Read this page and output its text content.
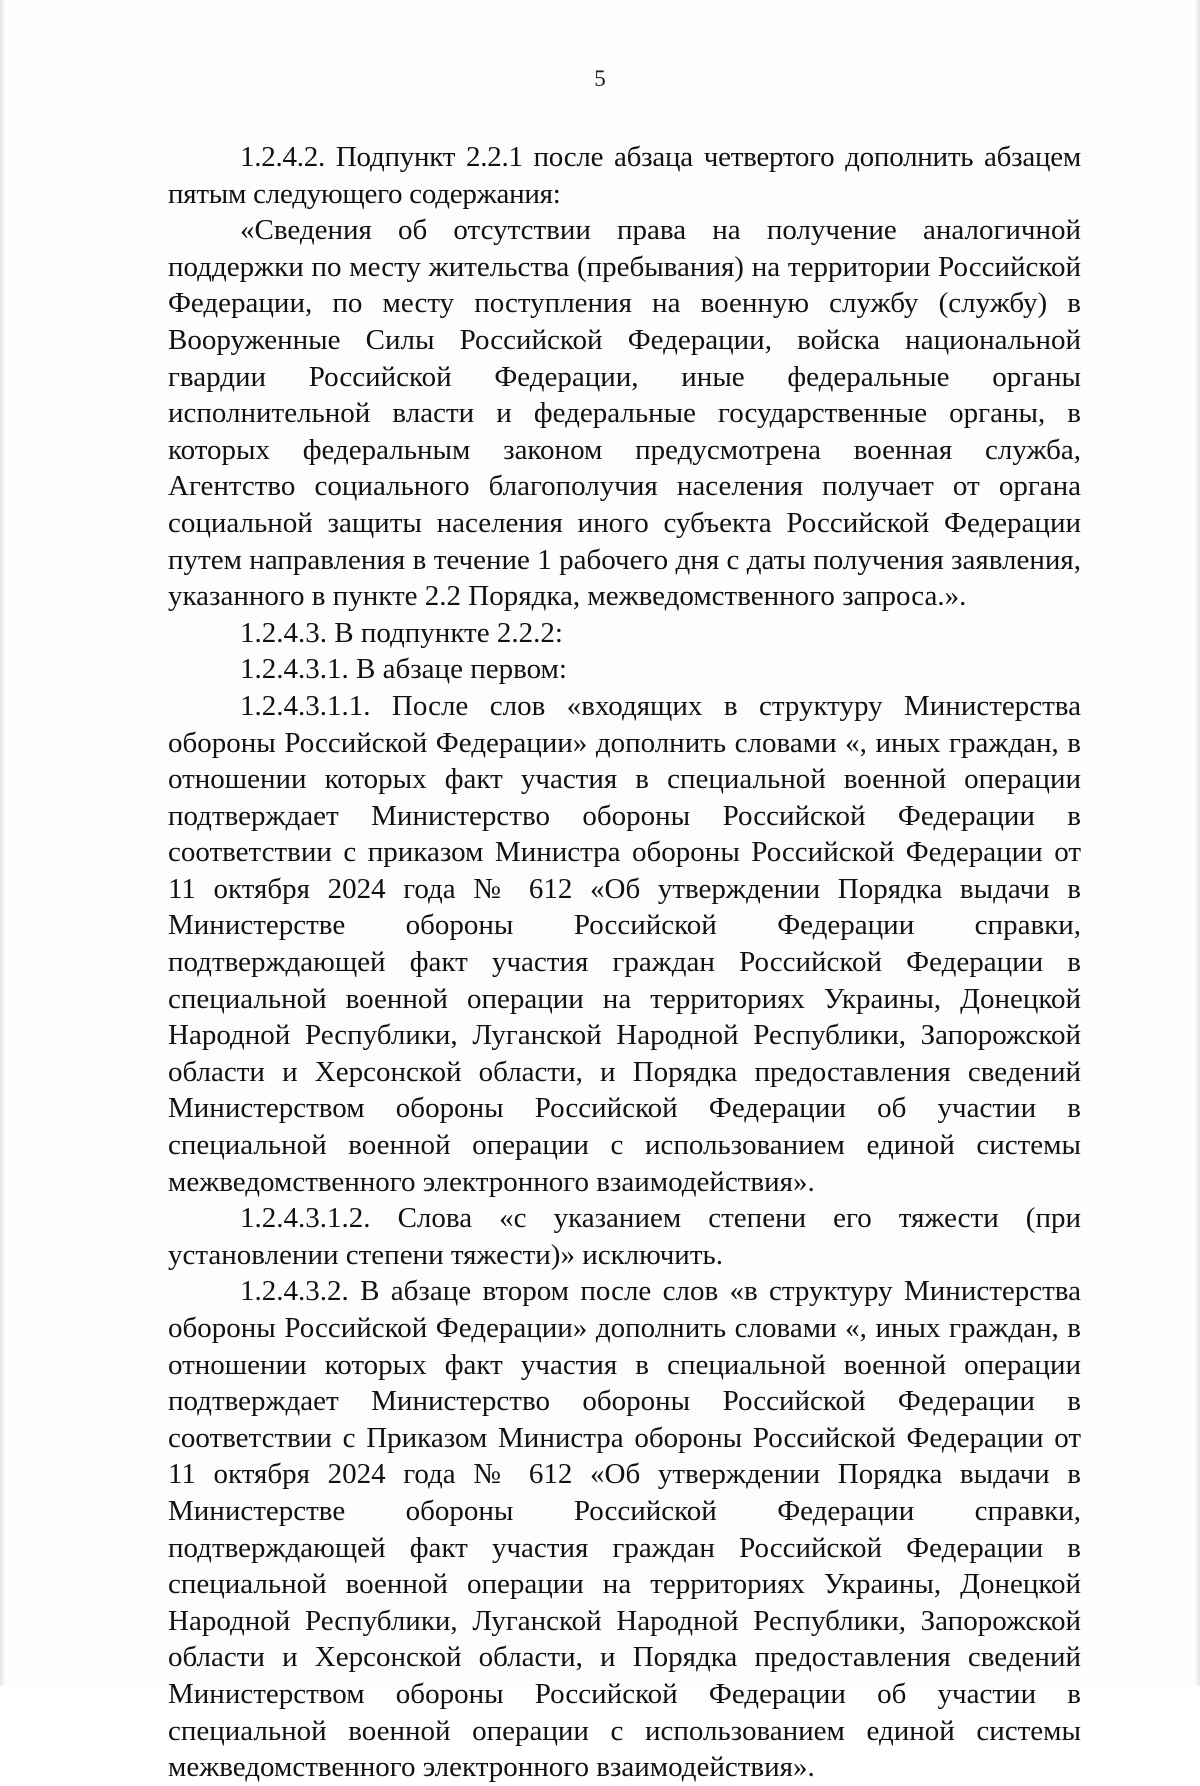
5

1.2.4.2. Подпункт 2.2.1 после абзаца четвертого дополнить абзацем пятым следующего содержания:

«Сведения об отсутствии права на получение аналогичной поддержки по месту жительства (пребывания) на территории Российской Федерации, по месту поступления на военную службу (службу) в Вооруженные Силы Российской Федерации, войска национальной гвардии Российской Федерации, иные федеральные органы исполнительной власти и федеральные государственные органы, в которых федеральным законом предусмотрена военная служба, Агентство социального благополучия населения получает от органа социальной защиты населения иного субъекта Российской Федерации путем направления в течение 1 рабочего дня с даты получения заявления, указанного в пункте 2.2 Порядка, межведомственного запроса.».

1.2.4.3. В подпункте 2.2.2:

1.2.4.3.1. В абзаце первом:

1.2.4.3.1.1. После слов «входящих в структуру Министерства обороны Российской Федерации» дополнить словами «, иных граждан, в отношении которых факт участия в специальной военной операции подтверждает Министерство обороны Российской Федерации в соответствии с приказом Министра обороны Российской Федерации от 11 октября 2024 года № 612 «Об утверждении Порядка выдачи в Министерстве обороны Российской Федерации справки, подтверждающей факт участия граждан Российской Федерации в специальной военной операции на территориях Украины, Донецкой Народной Республики, Луганской Народной Республики, Запорожской области и Херсонской области, и Порядка предоставления сведений Министерством обороны Российской Федерации об участии в специальной военной операции с использованием единой системы межведомственного электронного взаимодействия».

1.2.4.3.1.2. Слова «с указанием степени его тяжести (при установлении степени тяжести)» исключить.

1.2.4.3.2. В абзаце втором после слов «в структуру Министерства обороны Российской Федерации» дополнить словами «, иных граждан, в отношении которых факт участия в специальной военной операции подтверждает Министерство обороны Российской Федерации в соответствии с Приказом Министра обороны Российской Федерации от 11 октября 2024 года № 612 «Об утверждении Порядка выдачи в Министерстве обороны Российской Федерации справки, подтверждающей факт участия граждан Российской Федерации в специальной военной операции на территориях Украины, Донецкой Народной Республики, Луганской Народной Республики, Запорожской области и Херсонской области, и Порядка предоставления сведений Министерством обороны Российской Федерации об участии в специальной военной операции с использованием единой системы межведомственного электронного взаимодействия».
